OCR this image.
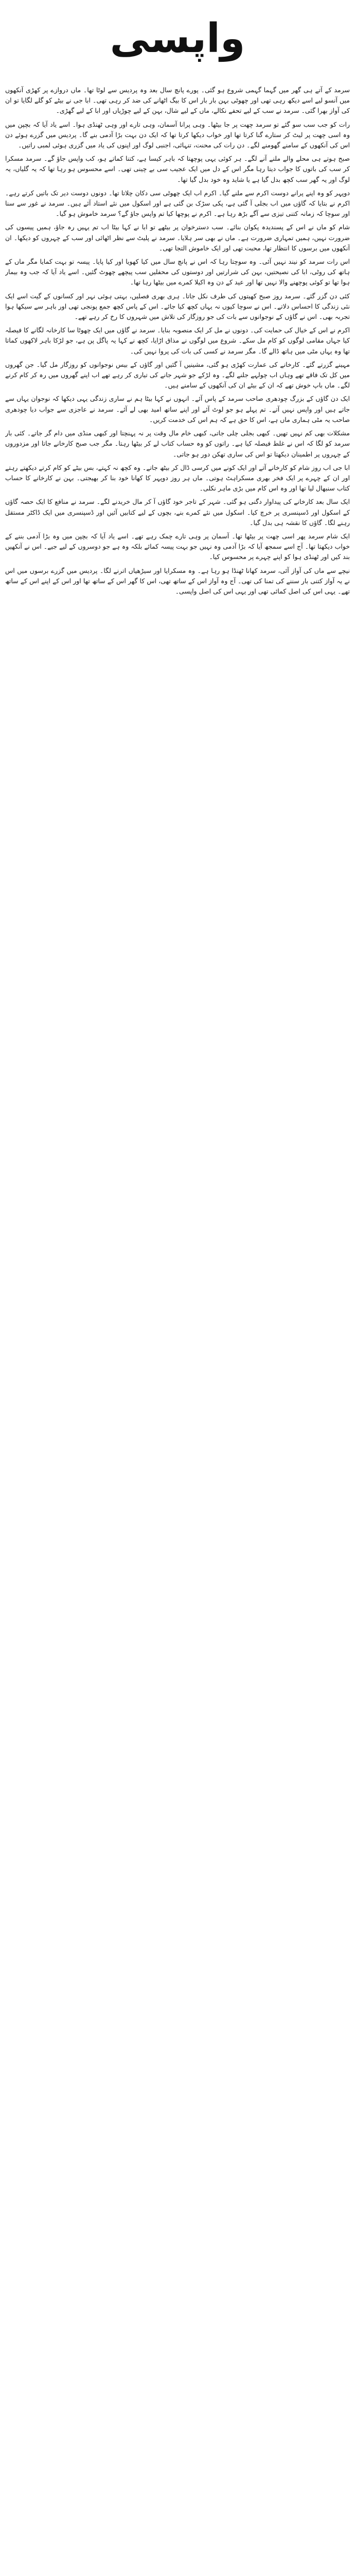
واپسی

سرمد کے آتے ہی گھر میں گہما گہمی شروع ہو گئی۔ پورے پانچ سال بعد وہ پردیس سے لوٹا تھا۔ ماں دروازے پر کھڑی آنکھوں میں آنسو لیے اسے دیکھ رہی تھی اور چھوٹی بہن بار بار اس کا بیگ اٹھانے کی ضد کر رہی تھی۔ ابا جی نے بیٹے کو گلے لگایا تو ان کی آواز بھرا گئی۔ سرمد نے سب کے لیے تحفے نکالے، ماں کے لیے شال، بہن کے لیے چوڑیاں اور ابا کے لیے گھڑی۔

رات کو جب سب سو گئے تو سرمد چھت پر جا بیٹھا۔ وہی پرانا آسمان، وہی تارے اور وہی ٹھنڈی ہوا۔ اسے یاد آیا کہ بچپن میں وہ اسی چھت پر لیٹ کر ستارے گنا کرتا تھا اور خواب دیکھا کرتا تھا کہ ایک دن بہت بڑا آدمی بنے گا۔ پردیس میں گزرے ہوئے دن اس کی آنکھوں کے سامنے گھومنے لگے۔ دن رات کی محنت، تنہائی، اجنبی لوگ اور اپنوں کی یاد میں گزری ہوئی لمبی راتیں۔

صبح ہوتے ہی محلے والے ملنے آنے لگے۔ ہر کوئی یہی پوچھتا کہ باہر کیسا ہے، کتنا کماتے ہو، کب واپس جاؤ گے۔ سرمد مسکرا کر سب کی باتوں کا جواب دیتا رہا مگر اس کے دل میں ایک عجیب سی بے چینی تھی۔ اسے محسوس ہو رہا تھا کہ یہ گلیاں، یہ لوگ اور یہ گھر سب کچھ بدل گیا ہے یا شاید وہ خود بدل گیا تھا۔

دوپہر کو وہ اپنے پرانے دوست اکرم سے ملنے گیا۔ اکرم اب ایک چھوٹی سی دکان چلاتا تھا۔ دونوں دوست دیر تک باتیں کرتے رہے۔ اکرم نے بتایا کہ گاؤں میں اب بجلی آ گئی ہے، پکی سڑک بن گئی ہے اور اسکول میں نئے استاد آئے ہیں۔ سرمد نے غور سے سنا اور سوچا کہ زمانہ کتنی تیزی سے آگے بڑھ رہا ہے۔ اکرم نے پوچھا کیا تم واپس جاؤ گے؟ سرمد خاموش ہو گیا۔

شام کو ماں نے اس کے پسندیدہ پکوان بنائے۔ سب دسترخوان پر بیٹھے تو ابا نے کہا بیٹا اب تم یہیں رہ جاؤ، ہمیں پیسوں کی ضرورت نہیں، ہمیں تمہاری ضرورت ہے۔ ماں نے بھی سر ہلایا۔ سرمد نے پلیٹ سے نظر اٹھائی اور سب کے چہروں کو دیکھا۔ ان آنکھوں میں برسوں کا انتظار تھا، محبت تھی اور ایک خاموش التجا تھی۔

اس رات سرمد کو نیند نہیں آئی۔ وہ سوچتا رہا کہ اس نے پانچ سال میں کیا کھویا اور کیا پایا۔ پیسہ تو بہت کمایا مگر ماں کے ہاتھ کی روٹی، ابا کی نصیحتیں، بہن کی شرارتیں اور دوستوں کی محفلیں سب پیچھے چھوٹ گئیں۔ اسے یاد آیا کہ جب وہ بیمار ہوا تھا تو کوئی پوچھنے والا نہیں تھا اور عید کے دن وہ اکیلا کمرے میں بیٹھا رہا تھا۔

کئی دن گزر گئے۔ سرمد روز صبح کھیتوں کی طرف نکل جاتا۔ ہری بھری فصلیں، بہتی ہوئی نہر اور کسانوں کے گیت اسے ایک نئی زندگی کا احساس دلاتے۔ اس نے سوچا کیوں نہ یہاں کچھ کیا جائے۔ اس کے پاس کچھ جمع پونجی تھی اور باہر سے سیکھا ہوا تجربہ بھی۔ اس نے گاؤں کے نوجوانوں سے بات کی جو روزگار کی تلاش میں شہروں کا رخ کر رہے تھے۔

اکرم نے اس کے خیال کی حمایت کی۔ دونوں نے مل کر ایک منصوبہ بنایا۔ سرمد نے گاؤں میں ایک چھوٹا سا کارخانہ لگانے کا فیصلہ کیا جہاں مقامی لوگوں کو کام مل سکے۔ شروع میں لوگوں نے مذاق اڑایا، کچھ نے کہا یہ پاگل پن ہے، جو لڑکا باہر لاکھوں کماتا تھا وہ یہاں مٹی میں ہاتھ ڈالے گا۔ مگر سرمد نے کسی کی بات کی پروا نہیں کی۔

مہینے گزرتے گئے۔ کارخانے کی عمارت کھڑی ہو گئی، مشینیں آ گئیں اور گاؤں کے بیس نوجوانوں کو روزگار مل گیا۔ جن گھروں میں کل تک فاقے تھے وہاں اب چولہے جلنے لگے۔ وہ لڑکے جو شہر جانے کی تیاری کر رہے تھے اب اپنے گھروں میں رہ کر کام کرنے لگے۔ ماں باپ خوش تھے کہ ان کے بیٹے ان کی آنکھوں کے سامنے ہیں۔

ایک دن گاؤں کے بزرگ چودھری صاحب سرمد کے پاس آئے۔ انہوں نے کہا بیٹا ہم نے ساری زندگی یہی دیکھا کہ نوجوان یہاں سے جاتے ہیں اور واپس نہیں آتے۔ تم پہلے ہو جو لوٹ آئے اور اپنے ساتھ امید بھی لے آئے۔ سرمد نے عاجزی سے جواب دیا چودھری صاحب یہ مٹی ہماری ماں ہے، اس کا حق ہے کہ ہم اس کی خدمت کریں۔

مشکلات بھی کم نہیں تھیں۔ کبھی بجلی چلی جاتی، کبھی خام مال وقت پر نہ پہنچتا اور کبھی منڈی میں دام گر جاتے۔ کئی بار سرمد کو لگا کہ اس نے غلط فیصلہ کیا ہے۔ راتوں کو وہ حساب کتاب لے کر بیٹھا رہتا۔ مگر جب صبح کارخانے جاتا اور مزدوروں کے چہروں پر اطمینان دیکھتا تو اس کی ساری تھکن دور ہو جاتی۔

ابا جی اب روز شام کو کارخانے آتے اور ایک کونے میں کرسی ڈال کر بیٹھ جاتے۔ وہ کچھ نہ کہتے، بس بیٹے کو کام کرتے دیکھتے رہتے اور ان کے چہرے پر ایک فخر بھری مسکراہٹ ہوتی۔ ماں ہر روز دوپہر کا کھانا خود بنا کر بھیجتی۔ بہن نے کارخانے کا حساب کتاب سنبھال لیا تھا اور وہ اس کام میں بڑی ماہر نکلی۔

ایک سال بعد کارخانے کی پیداوار دگنی ہو گئی۔ شہر کے تاجر خود گاؤں آ کر مال خریدنے لگے۔ سرمد نے منافع کا ایک حصہ گاؤں کے اسکول اور ڈسپنسری پر خرچ کیا۔ اسکول میں نئے کمرے بنے، بچوں کے لیے کتابیں آئیں اور ڈسپنسری میں ایک ڈاکٹر مستقل رہنے لگا۔ گاؤں کا نقشہ ہی بدل گیا۔

ایک شام سرمد پھر اسی چھت پر بیٹھا تھا۔ آسمان پر وہی تارے چمک رہے تھے۔ اسے یاد آیا کہ بچپن میں وہ بڑا آدمی بننے کے خواب دیکھتا تھا۔ آج اسے سمجھ آیا کہ بڑا آدمی وہ نہیں جو بہت پیسہ کمائے بلکہ وہ ہے جو دوسروں کے لیے جیے۔ اس نے آنکھیں بند کیں اور ٹھنڈی ہوا کو اپنے چہرے پر محسوس کیا۔

نیچے سے ماں کی آواز آئی، سرمد کھانا ٹھنڈا ہو رہا ہے۔ وہ مسکرایا اور سیڑھیاں اترنے لگا۔ پردیس میں گزرے برسوں میں اس نے یہ آواز کتنی بار سننے کی تمنا کی تھی۔ آج وہ آواز اس کے ساتھ تھی، اس کا گھر اس کے ساتھ تھا اور اس کے اپنے اس کے ساتھ تھے۔ یہی اس کی اصل کمائی تھی اور یہی اس کی اصل واپسی۔
